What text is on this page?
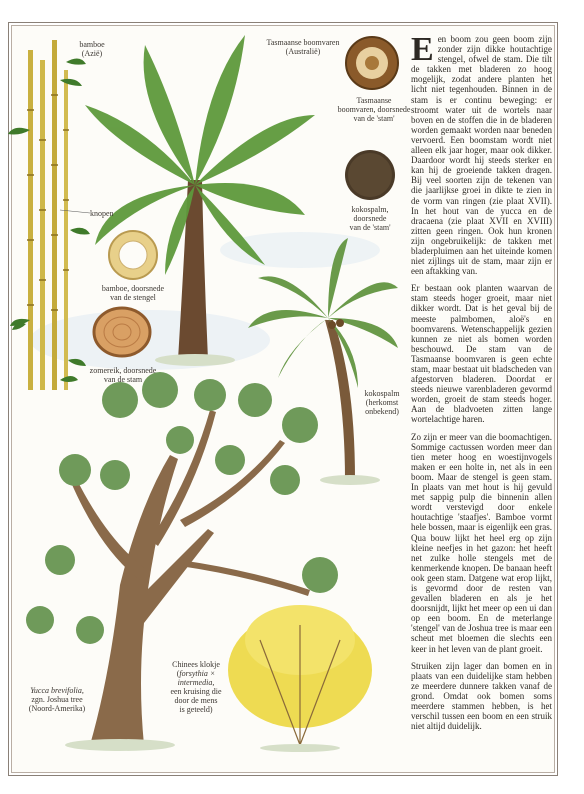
bamboe
(Azië)
knopen
bamboe, doorsnede
van de stengel
zomereik, doorsnede
van de stam
Tasmaanse boomvaren
(Australië)
Tasmaanse
boomvaren, doorsnede
van de 'stam'
kokospalm,
doorsnede
van de 'stam'
kokospalm
(herkomst
onbekend)
Yucca brevifolia,
zgn. Joshua tree
(Noord-Amerika)
Chinees klokje
(forsythia × intermedia,
een kruising die
door de mens
is geteeld)

Een boom zou geen boom zijn zonder zijn dikke houtachtige stengel, ofwel de stam. Die tilt de takken met bladeren zo hoog mogelijk, zodat andere planten het licht niet tegenhouden. Binnen in de stam is er continu beweging: er stroomt water uit de wortels naar boven en de stoffen die in de bladeren worden gemaakt worden naar beneden vervoerd. Een boomstam wordt niet alleen elk jaar hoger, maar ook dikker. Daardoor wordt hij steeds sterker en kan hij de groeiende takken dragen. Bij veel soorten zijn de tekenen van die jaarlijkse groei in dikte te zien in de vorm van ringen (zie plaat XVII). In het hout van de yucca en de dracaena (zie plaat XVII en XVIII) zitten geen ringen. Ook hun kronen zijn ongebruikelijk: de takken met bladerpluimen aan het uiteinde komen niet zijlings uit de stam, maar zijn er een aftakking van.

Er bestaan ook planten waarvan de stam steeds hoger groeit, maar niet dikker wordt. Dat is het geval bij de meeste palmbomen, aloë's en boomvarens. Wetenschappelijk gezien kunnen ze niet als bomen worden beschouwd. De stam van de Tasmaanse boomvaren is geen echte stam, maar bestaat uit bladscheden van afgestorven bladeren. Doordat er steeds nieuwe varenbladeren gevormd worden, groeit de stam steeds hoger. Aan de bladvoeten zitten lange wortelachtige haren.

Zo zijn er meer van die boomachtigen. Sommige cactussen worden meer dan tien meter hoog en woestijnvogels maken er een holte in, net als in een boom. Maar de stengel is geen stam. In plaats van met hout is hij gevuld met sappig pulp die binnenin allen wordt verstevigd door enkele houtachtige 'staafjes'. Bamboe vormt hele bossen, maar is eigenlijk een gras. Qua bouw lijkt het heel erg op zijn kleine neefjes in het gazon: het heeft net zulke holle stengels met de kenmerkende knopen. De banaan heeft ook geen stam. Datgene wat erop lijkt, is gevormd door de resten van gevallen bladeren en als je het doorsnijdt, lijkt het meer op een ui dan op een boom. En de meterlange 'stengel' van de Joshua tree is maar een scheut met bloemen die slechts een keer in het leven van de plant groeit.

Struiken zijn lager dan bomen en in plaats van een duidelijke stam hebben ze meerdere dunnere takken vanaf de grond. Omdat ook bomen soms meerdere stammen hebben, is het verschil tussen een boom en een struik niet altijd duidelijk.
